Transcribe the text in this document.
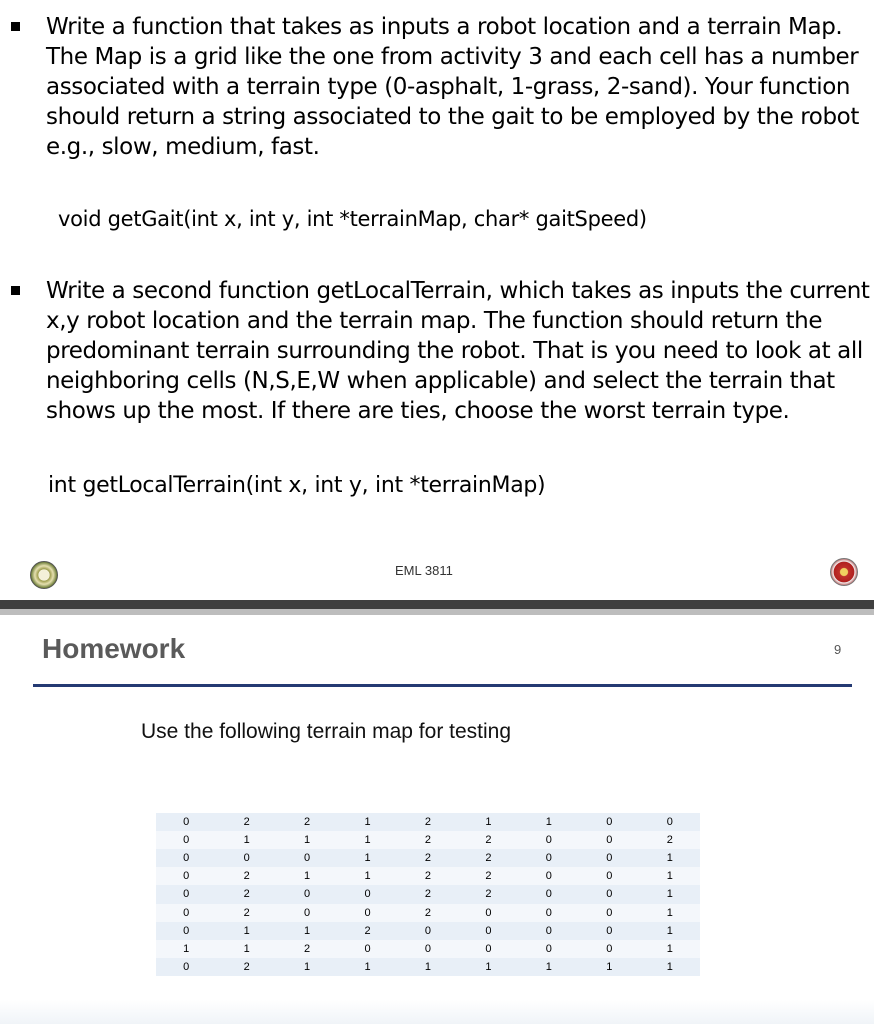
Write a function that takes as inputs a robot location and a terrain Map.
The Map is a grid like the one from activity 3 and each cell has a number
associated with a terrain type (0-asphalt, 1-grass, 2-sand). Your function
should return a string associated to the gait to be employed by the robot
e.g., slow, medium, fast.
void getGait(int x, int y, int *terrainMap, char* gaitSpeed)
Write a second function getLocalTerrain, which takes as inputs the current
x,y robot location and the terrain map. The function should return the
predominant terrain surrounding the robot. That is you need to look at all
neighboring cells (N,S,E,W when applicable) and select the terrain that
shows up the most. If there are ties, choose the worst terrain type.
int getLocalTerrain(int x, int y, int *terrainMap)
EML 3811
Homework	9
Use the following terrain map for testing
0	2	2	1	2	1	1	0	0
0	1	1	1	2	2	0	0	2
0	0	0	1	2	2	0	0	1
0	2	1	1	2	2	0	0	1
0	2	0	0	2	2	0	0	1
0	2	0	0	2	0	0	0	1
0	1	1	2	0	0	0	0	1
1	1	2	0	0	0	0	0	1
0	2	1	1	1	1	1	1	1
